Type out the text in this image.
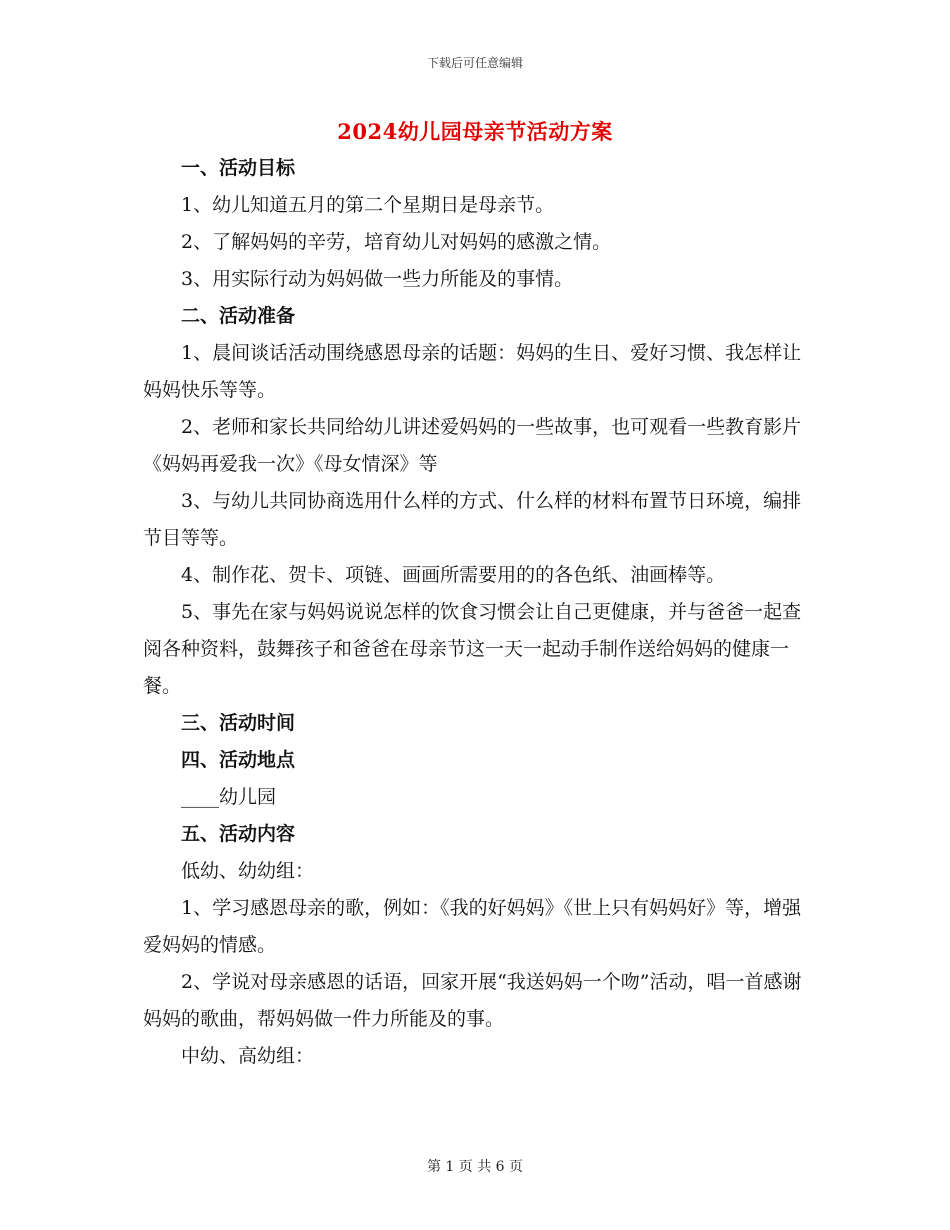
下载后可任意编辑
2024幼儿园母亲节活动方案

一、活动目标

1、幼儿知道五月的第二个星期日是母亲节。

2、了解妈妈的辛劳，培育幼儿对妈妈的感激之情。

3、用实际行动为妈妈做一些力所能及的事情。

二、活动准备

1、晨间谈话活动围绕感恩母亲的话题：妈妈的生日、爱好习惯、我怎样让妈妈快乐等等。

2、老师和家长共同给幼儿讲述爱妈妈的一些故事，也可观看一些教育影片《妈妈再爱我一次》《母女情深》等

3、与幼儿共同协商选用什么样的方式、什么样的材料布置节日环境，编排节目等等。

4、制作花、贺卡、项链、画画所需要用的的各色纸、油画棒等。

5、事先在家与妈妈说说怎样的饮食习惯会让自己更健康，并与爸爸一起查阅各种资料，鼓舞孩子和爸爸在母亲节这一天一起动手制作送给妈妈的健康一餐。

三、活动时间

四、活动地点

____幼儿园

五、活动内容

低幼、幼幼组：

1、学习感恩母亲的歌，例如：《我的好妈妈》《世上只有妈妈好》等，增强爱妈妈的情感。

2、学说对母亲感恩的话语，回家开展“我送妈妈一个吻”活动，唱一首感谢妈妈的歌曲，帮妈妈做一件力所能及的事。

中幼、高幼组：

第 1 页 共 6 页
